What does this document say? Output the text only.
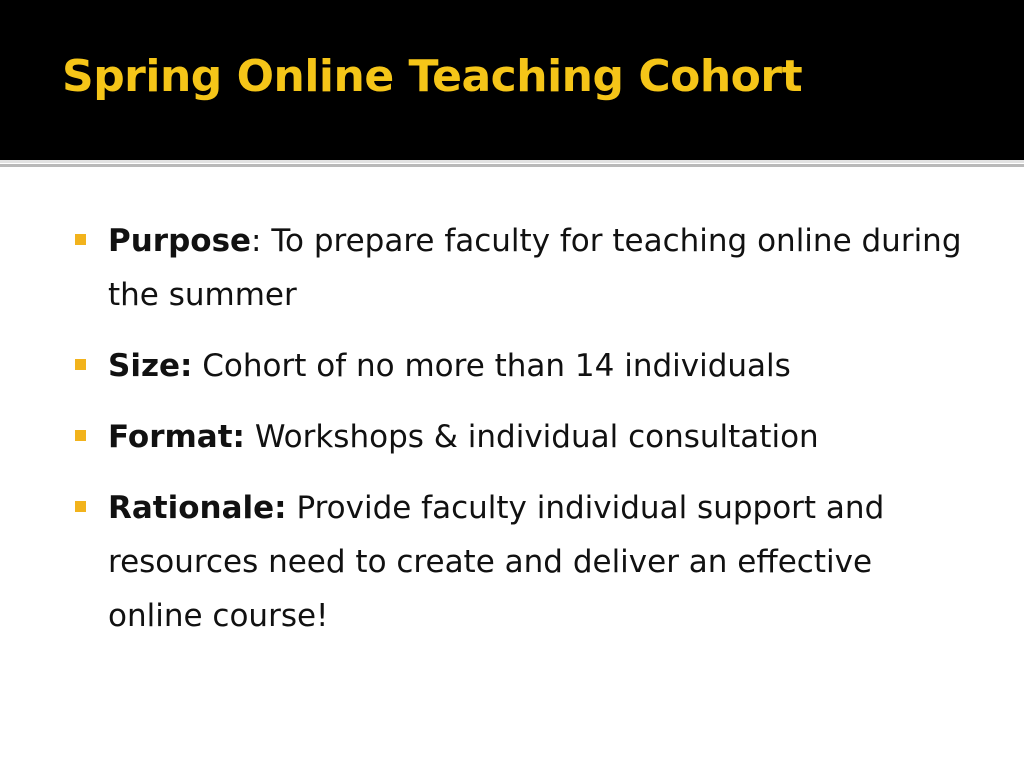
Spring Online Teaching Cohort
Purpose: To prepare faculty for teaching online during the summer
Size: Cohort of no more than 14 individuals
Format: Workshops & individual consultation
Rationale: Provide faculty individual support and resources need to create and deliver an effective online course!
